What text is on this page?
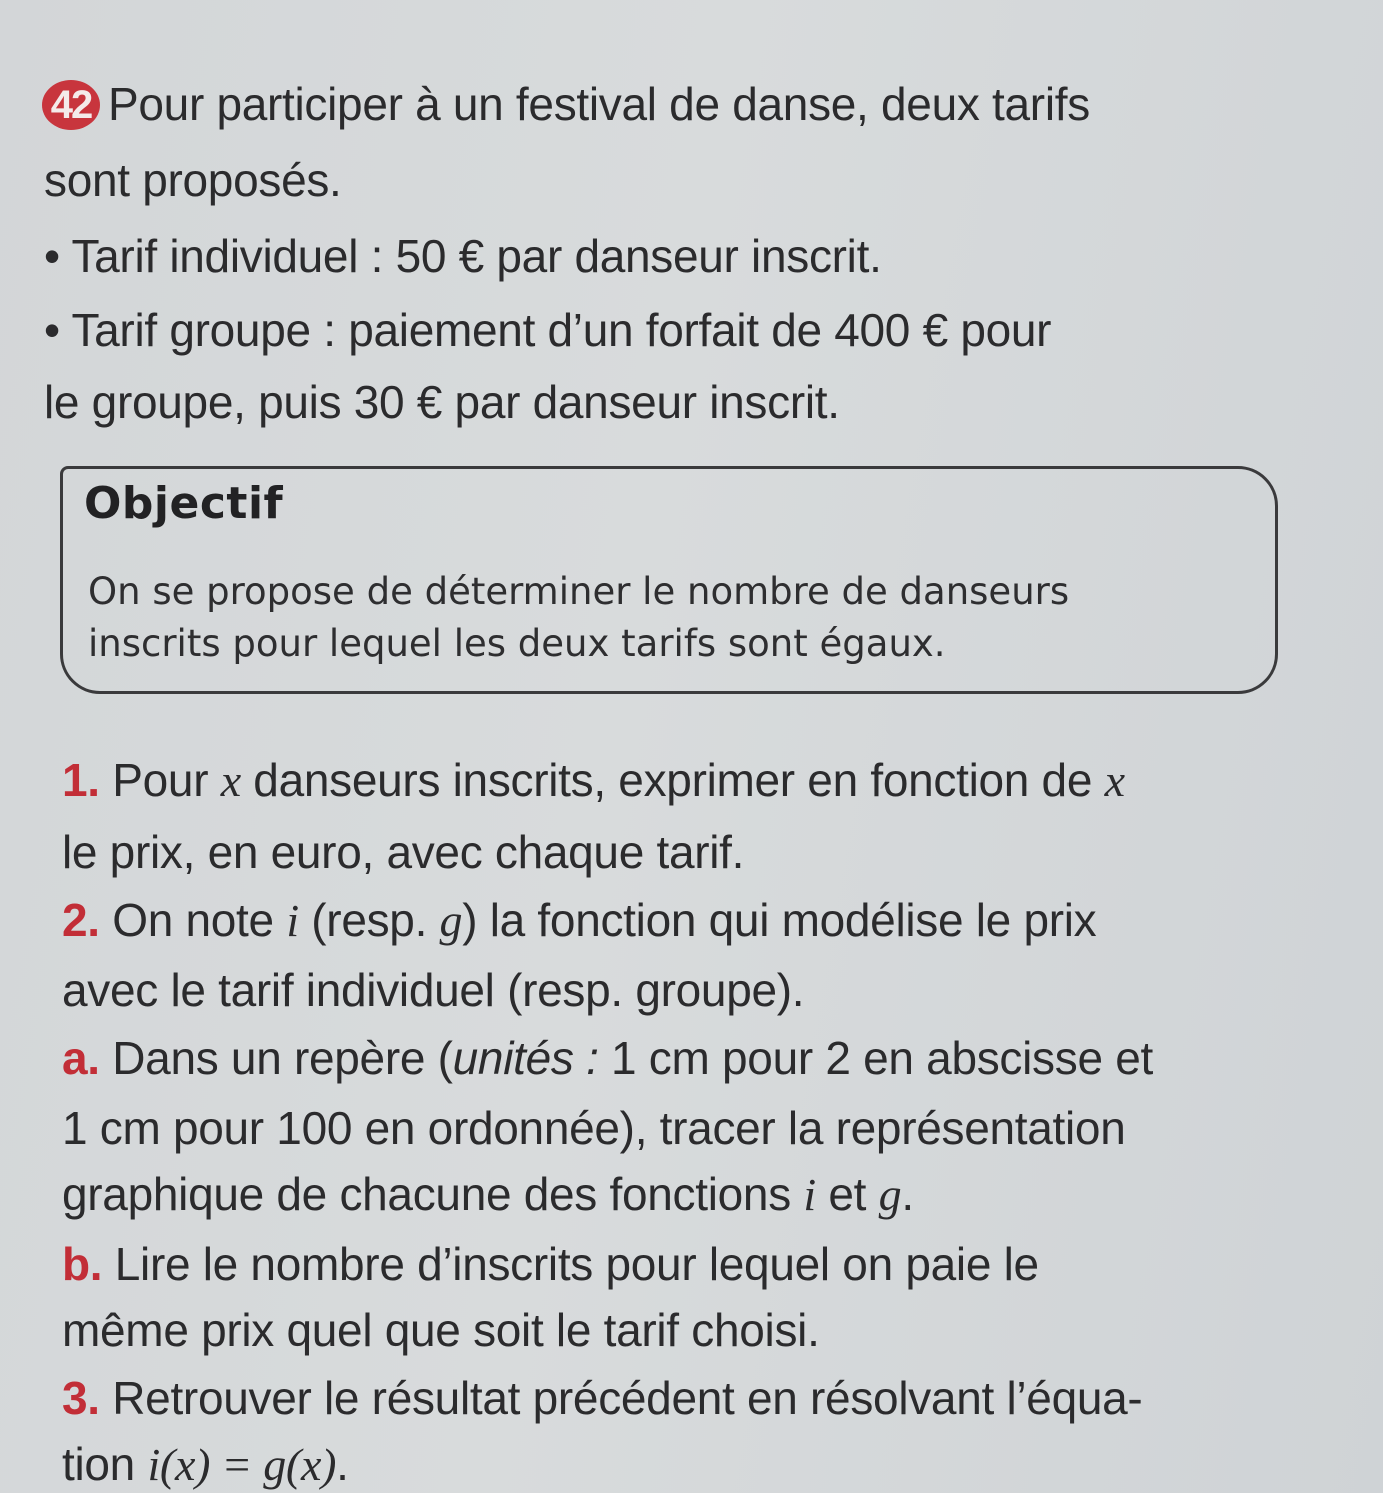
42 Pour participer à un festival de danse, deux tarifs
sont proposés.
• Tarif individuel : 50 € par danseur inscrit.
• Tarif groupe : paiement d’un forfait de 400 € pour
le groupe, puis 30 € par danseur inscrit.
Objectif
On se propose de déterminer le nombre de danseurs
inscrits pour lequel les deux tarifs sont égaux.
1. Pour x danseurs inscrits, exprimer en fonction de x
le prix, en euro, avec chaque tarif.
2. On note i (resp. g) la fonction qui modélise le prix
avec le tarif individuel (resp. groupe).
a. Dans un repère (unités : 1 cm pour 2 en abscisse et
1 cm pour 100 en ordonnée), tracer la représentation
graphique de chacune des fonctions i et g.
b. Lire le nombre d’inscrits pour lequel on paie le
même prix quel que soit le tarif choisi.
3. Retrouver le résultat précédent en résolvant l’équa-
tion i(x) = g(x).
